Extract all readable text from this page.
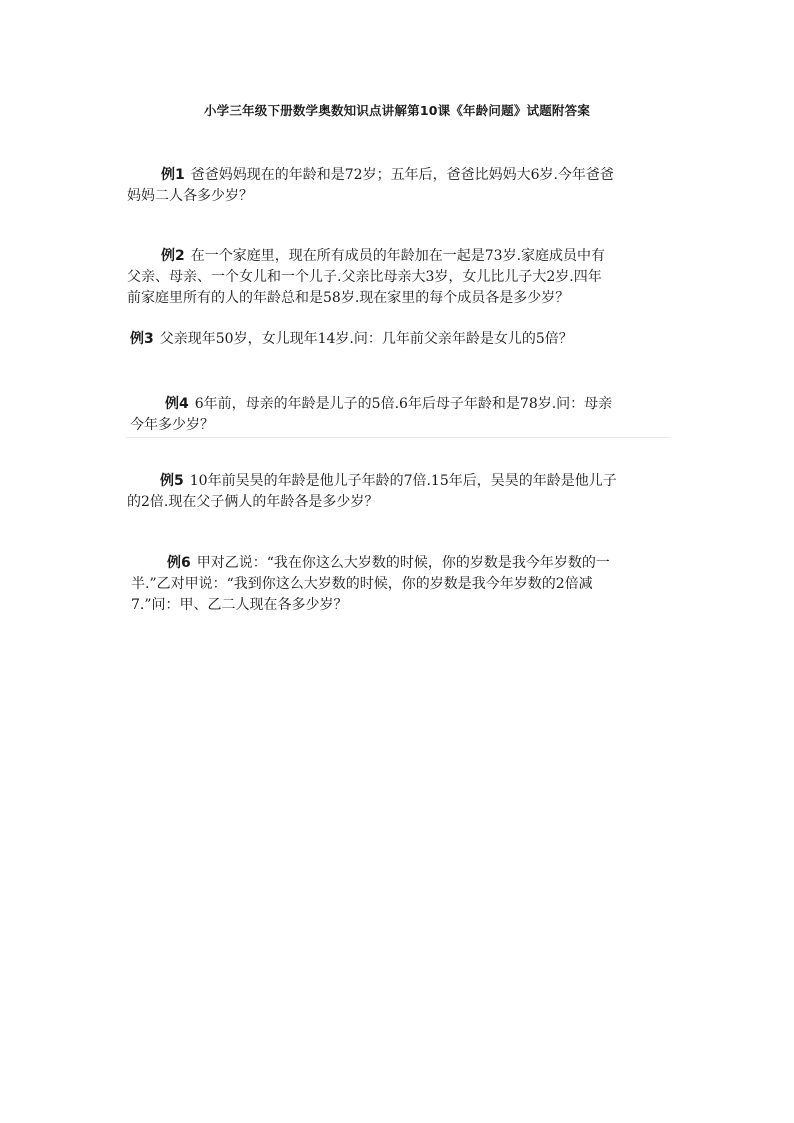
小学三年级下册数学奥数知识点讲解第10课《年龄问题》试题附答案
例1 爸爸妈妈现在的年龄和是72岁；五年后，爸爸比妈妈大6岁.今年爸爸
妈妈二人各多少岁？
例2 在一个家庭里，现在所有成员的年龄加在一起是73岁.家庭成员中有
父亲、母亲、一个女儿和一个儿子.父亲比母亲大3岁，女儿比儿子大2岁.四年
前家庭里所有的人的年龄总和是58岁.现在家里的每个成员各是多少岁？
例3 父亲现年50岁，女儿现年14岁.问：几年前父亲年龄是女儿的5倍？
例4 6年前，母亲的年龄是儿子的5倍.6年后母子年龄和是78岁.问：母亲
今年多少岁？
例5 10年前吴昊的年龄是他儿子年龄的7倍.15年后，吴昊的年龄是他儿子
的2倍.现在父子俩人的年龄各是多少岁？
例6 甲对乙说：“我在你这么大岁数的时候，你的岁数是我今年岁数的一
半.”乙对甲说：“我到你这么大岁数的时候，你的岁数是我今年岁数的2倍减
7.”问：甲、乙二人现在各多少岁？
